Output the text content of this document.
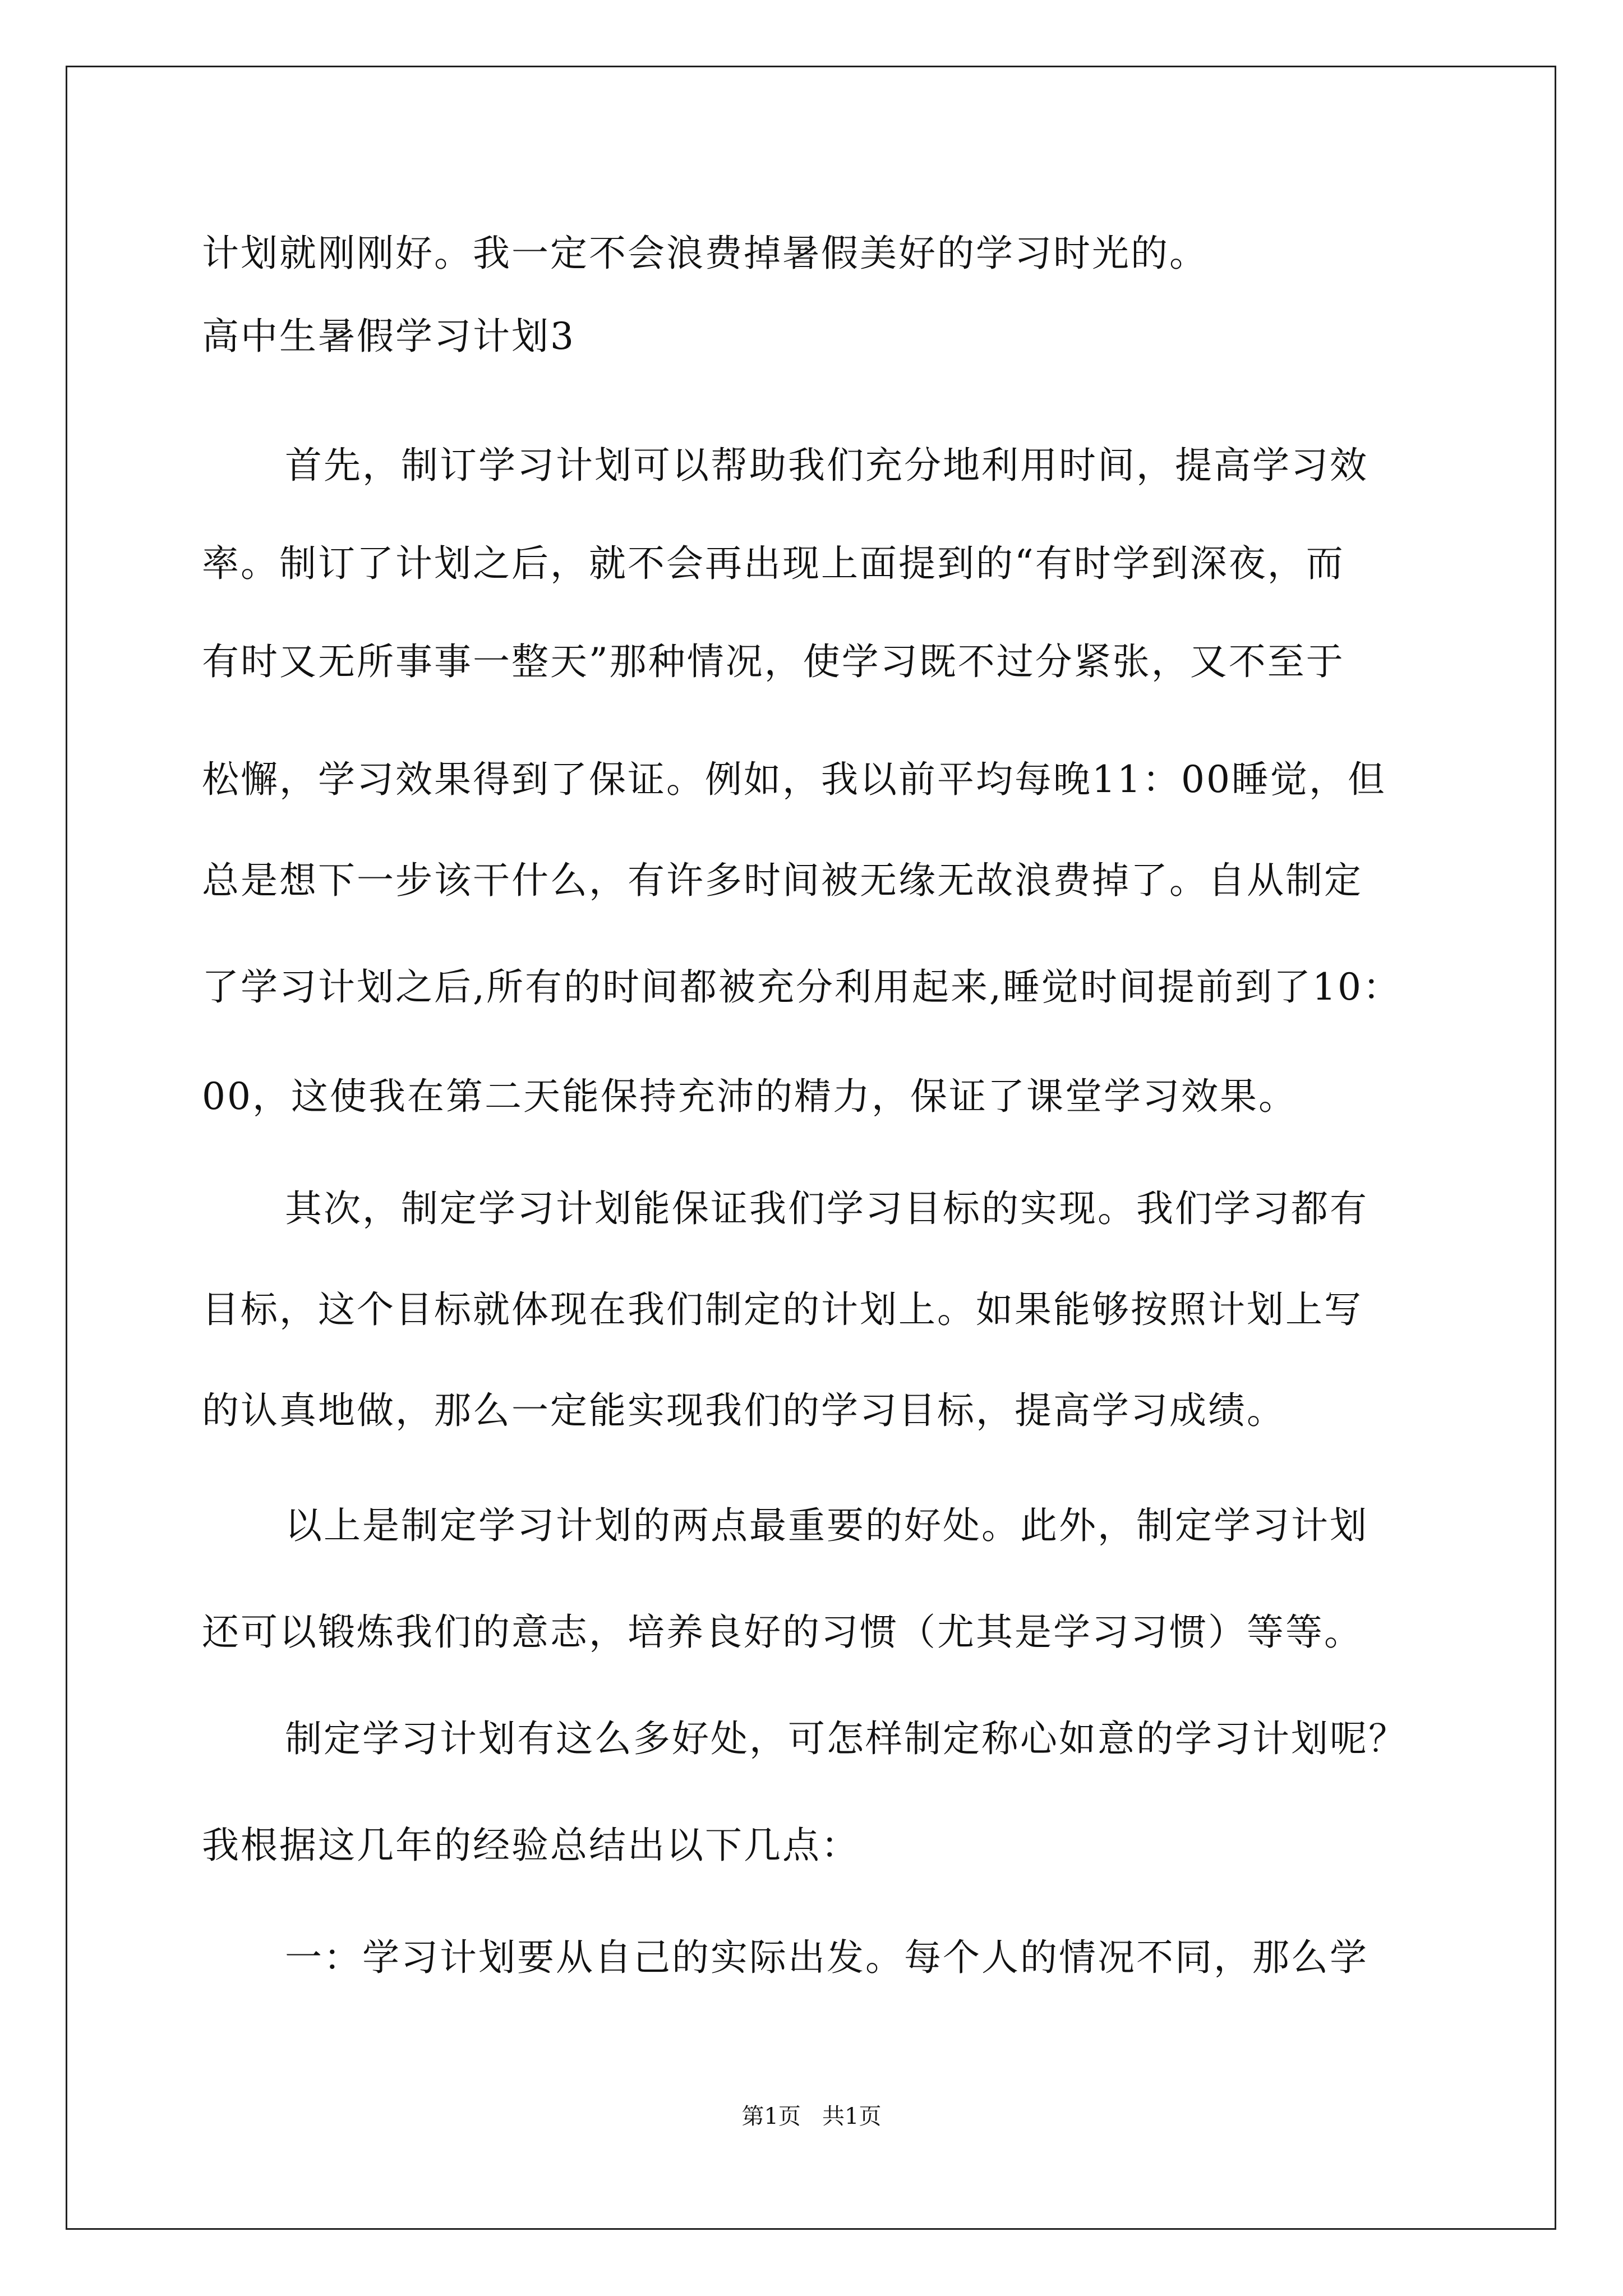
计划就刚刚好。我一定不会浪费掉暑假美好的学习时光的。
高中生暑假学习计划3
首先，制订学习计划可以帮助我们充分地利用时间，提高学习效
率。制订了计划之后，就不会再出现上面提到的“有时学到深夜，而
有时又无所事事一整天”那种情况，使学习既不过分紧张，又不至于
松懈，学习效果得到了保证。例如，我以前平均每晚11：00睡觉，但
总是想下一步该干什么，有许多时间被无缘无故浪费掉了。自从制定
了学习计划之后,所有的时间都被充分利用起来,睡觉时间提前到了10：
00，这使我在第二天能保持充沛的精力，保证了课堂学习效果。
其次，制定学习计划能保证我们学习目标的实现。我们学习都有
目标，这个目标就体现在我们制定的计划上。如果能够按照计划上写
的认真地做，那么一定能实现我们的学习目标，提高学习成绩。
以上是制定学习计划的两点最重要的好处。此外，制定学习计划
还可以锻炼我们的意志，培养良好的习惯（尤其是学习习惯）等等。
制定学习计划有这么多好处，可怎样制定称心如意的学习计划呢？
我根据这几年的经验总结出以下几点：
一：学习计划要从自己的实际出发。每个人的情况不同，那么学
第1页   共1页
